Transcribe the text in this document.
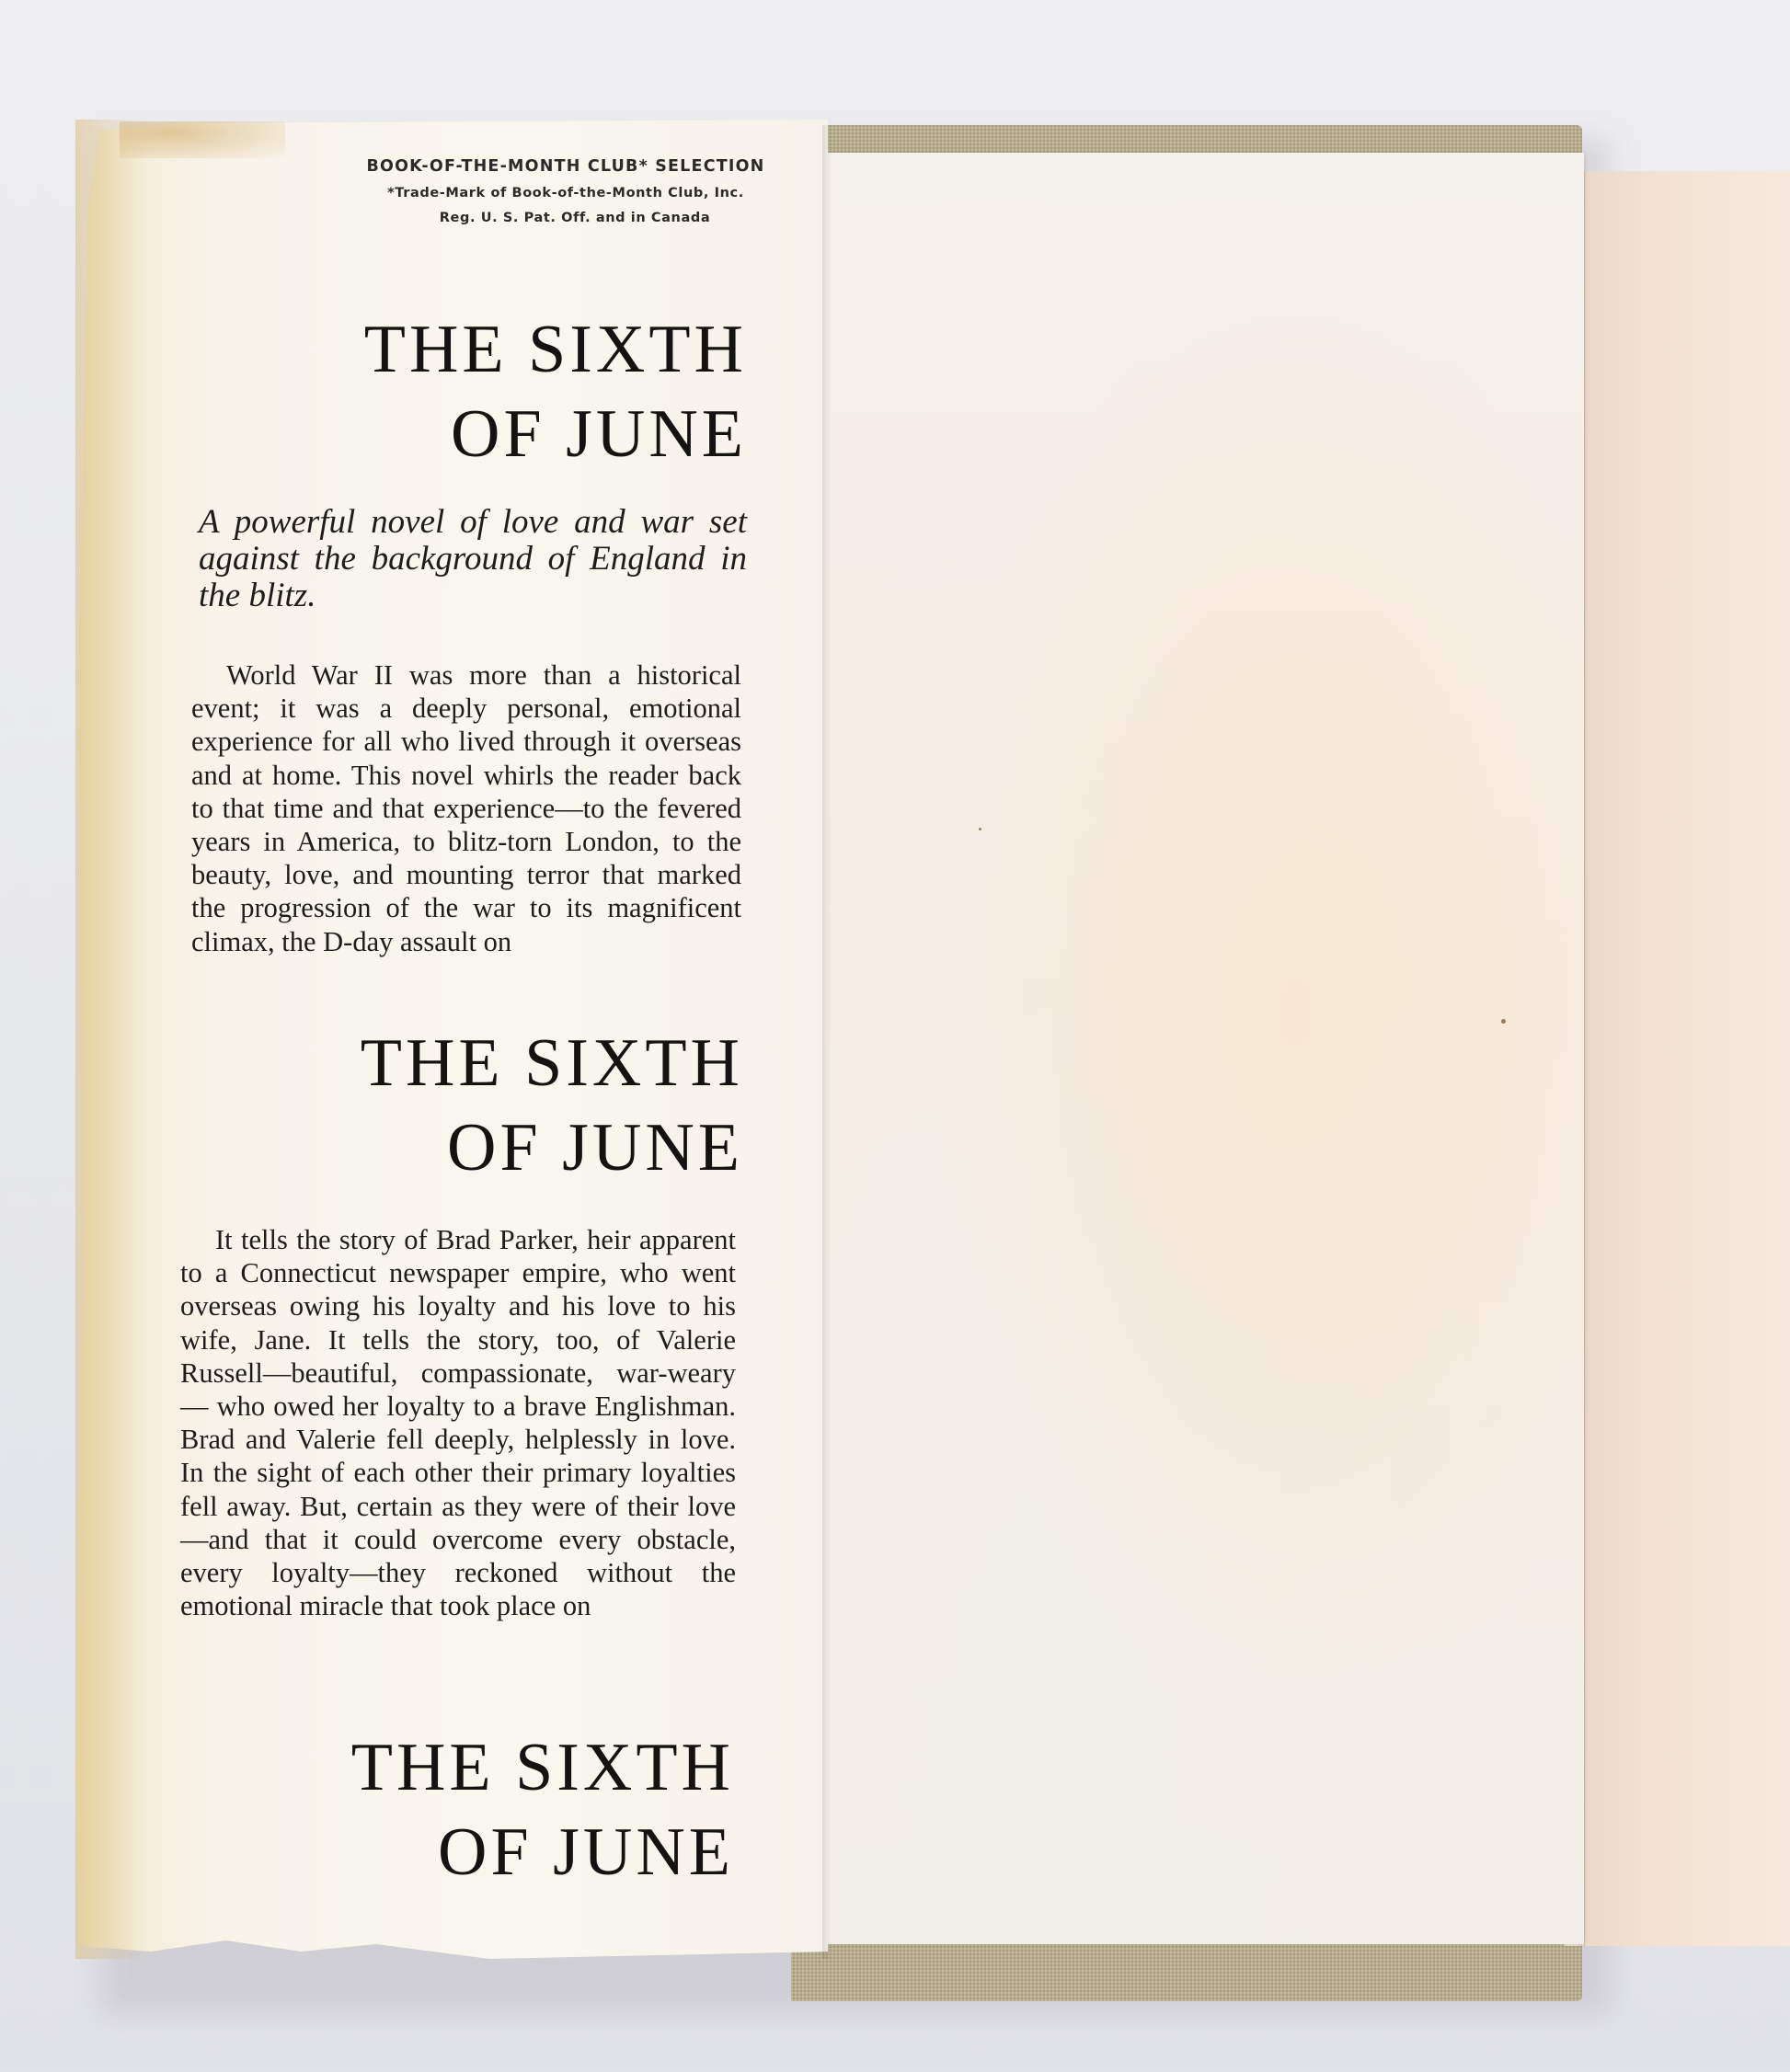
BOOK-OF-THE-MONTH CLUB* SELECTION
*Trade-Mark of Book-of-the-Month Club, Inc.
Reg. U. S. Pat. Off. and in Canada
THE SIXTH
OF JUNE
A powerful novel of love and war set against the background of England in the blitz.

World War II was more than a historical event; it was a deeply personal, emotional experience for all who lived through it overseas and at home. This novel whirls the reader back to that time and that experience—to the fevered years in America, to blitz-torn London, to the beauty, love, and mounting terror that marked the progression of the war to its magnificent climax, the D-day assault on

THE SIXTH
OF JUNE

It tells the story of Brad Parker, heir apparent to a Connecticut newspaper empire, who went overseas owing his loyalty and his love to his wife, Jane. It tells the story, too, of Valerie Russell—beautiful, compassionate, war-weary — who owed her loyalty to a brave Englishman. Brad and Valerie fell deeply, helplessly in love. In the sight of each other their primary loyalties fell away. But, certain as they were of their love—and that it could overcome every obstacle, every loyalty—they reckoned without the emotional miracle that took place on

THE SIXTH
OF JUNE
